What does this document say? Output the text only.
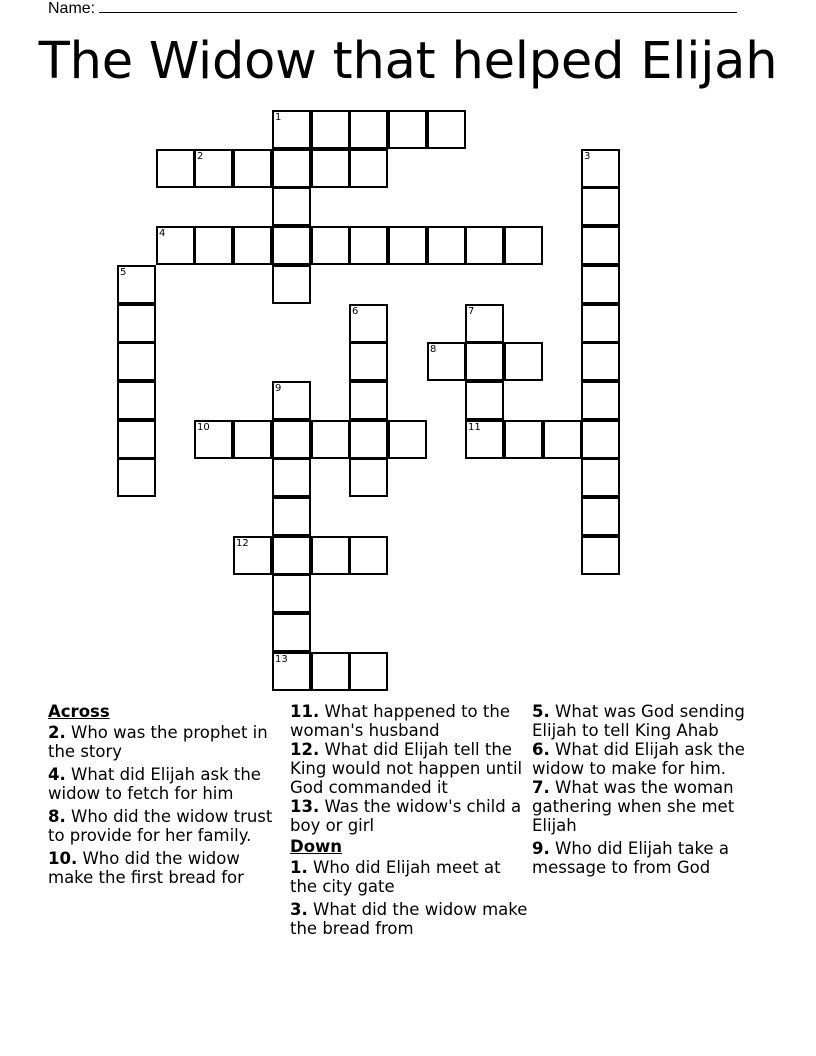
Name:
The Widow that helped Elijah
1
2	3
4
5
6	7
8
9
10	11
12
13
Across

2. Who was the prophet in the story

4. What did Elijah ask the widow to fetch for him

8. Who did the widow trust to provide for her family.

10. Who did the widow make the first bread for

11. What happened to the woman's husband

12. What did Elijah tell the King would not happen until God commanded it

13. Was the widow's child a boy or girl

Down

1. Who did Elijah meet at the city gate

3. What did the widow make the bread from

5. What was God sending Elijah to tell King Ahab

6. What did Elijah ask the widow to make for him.

7. What was the woman gathering when she met Elijah

9. Who did Elijah take a message to from God
